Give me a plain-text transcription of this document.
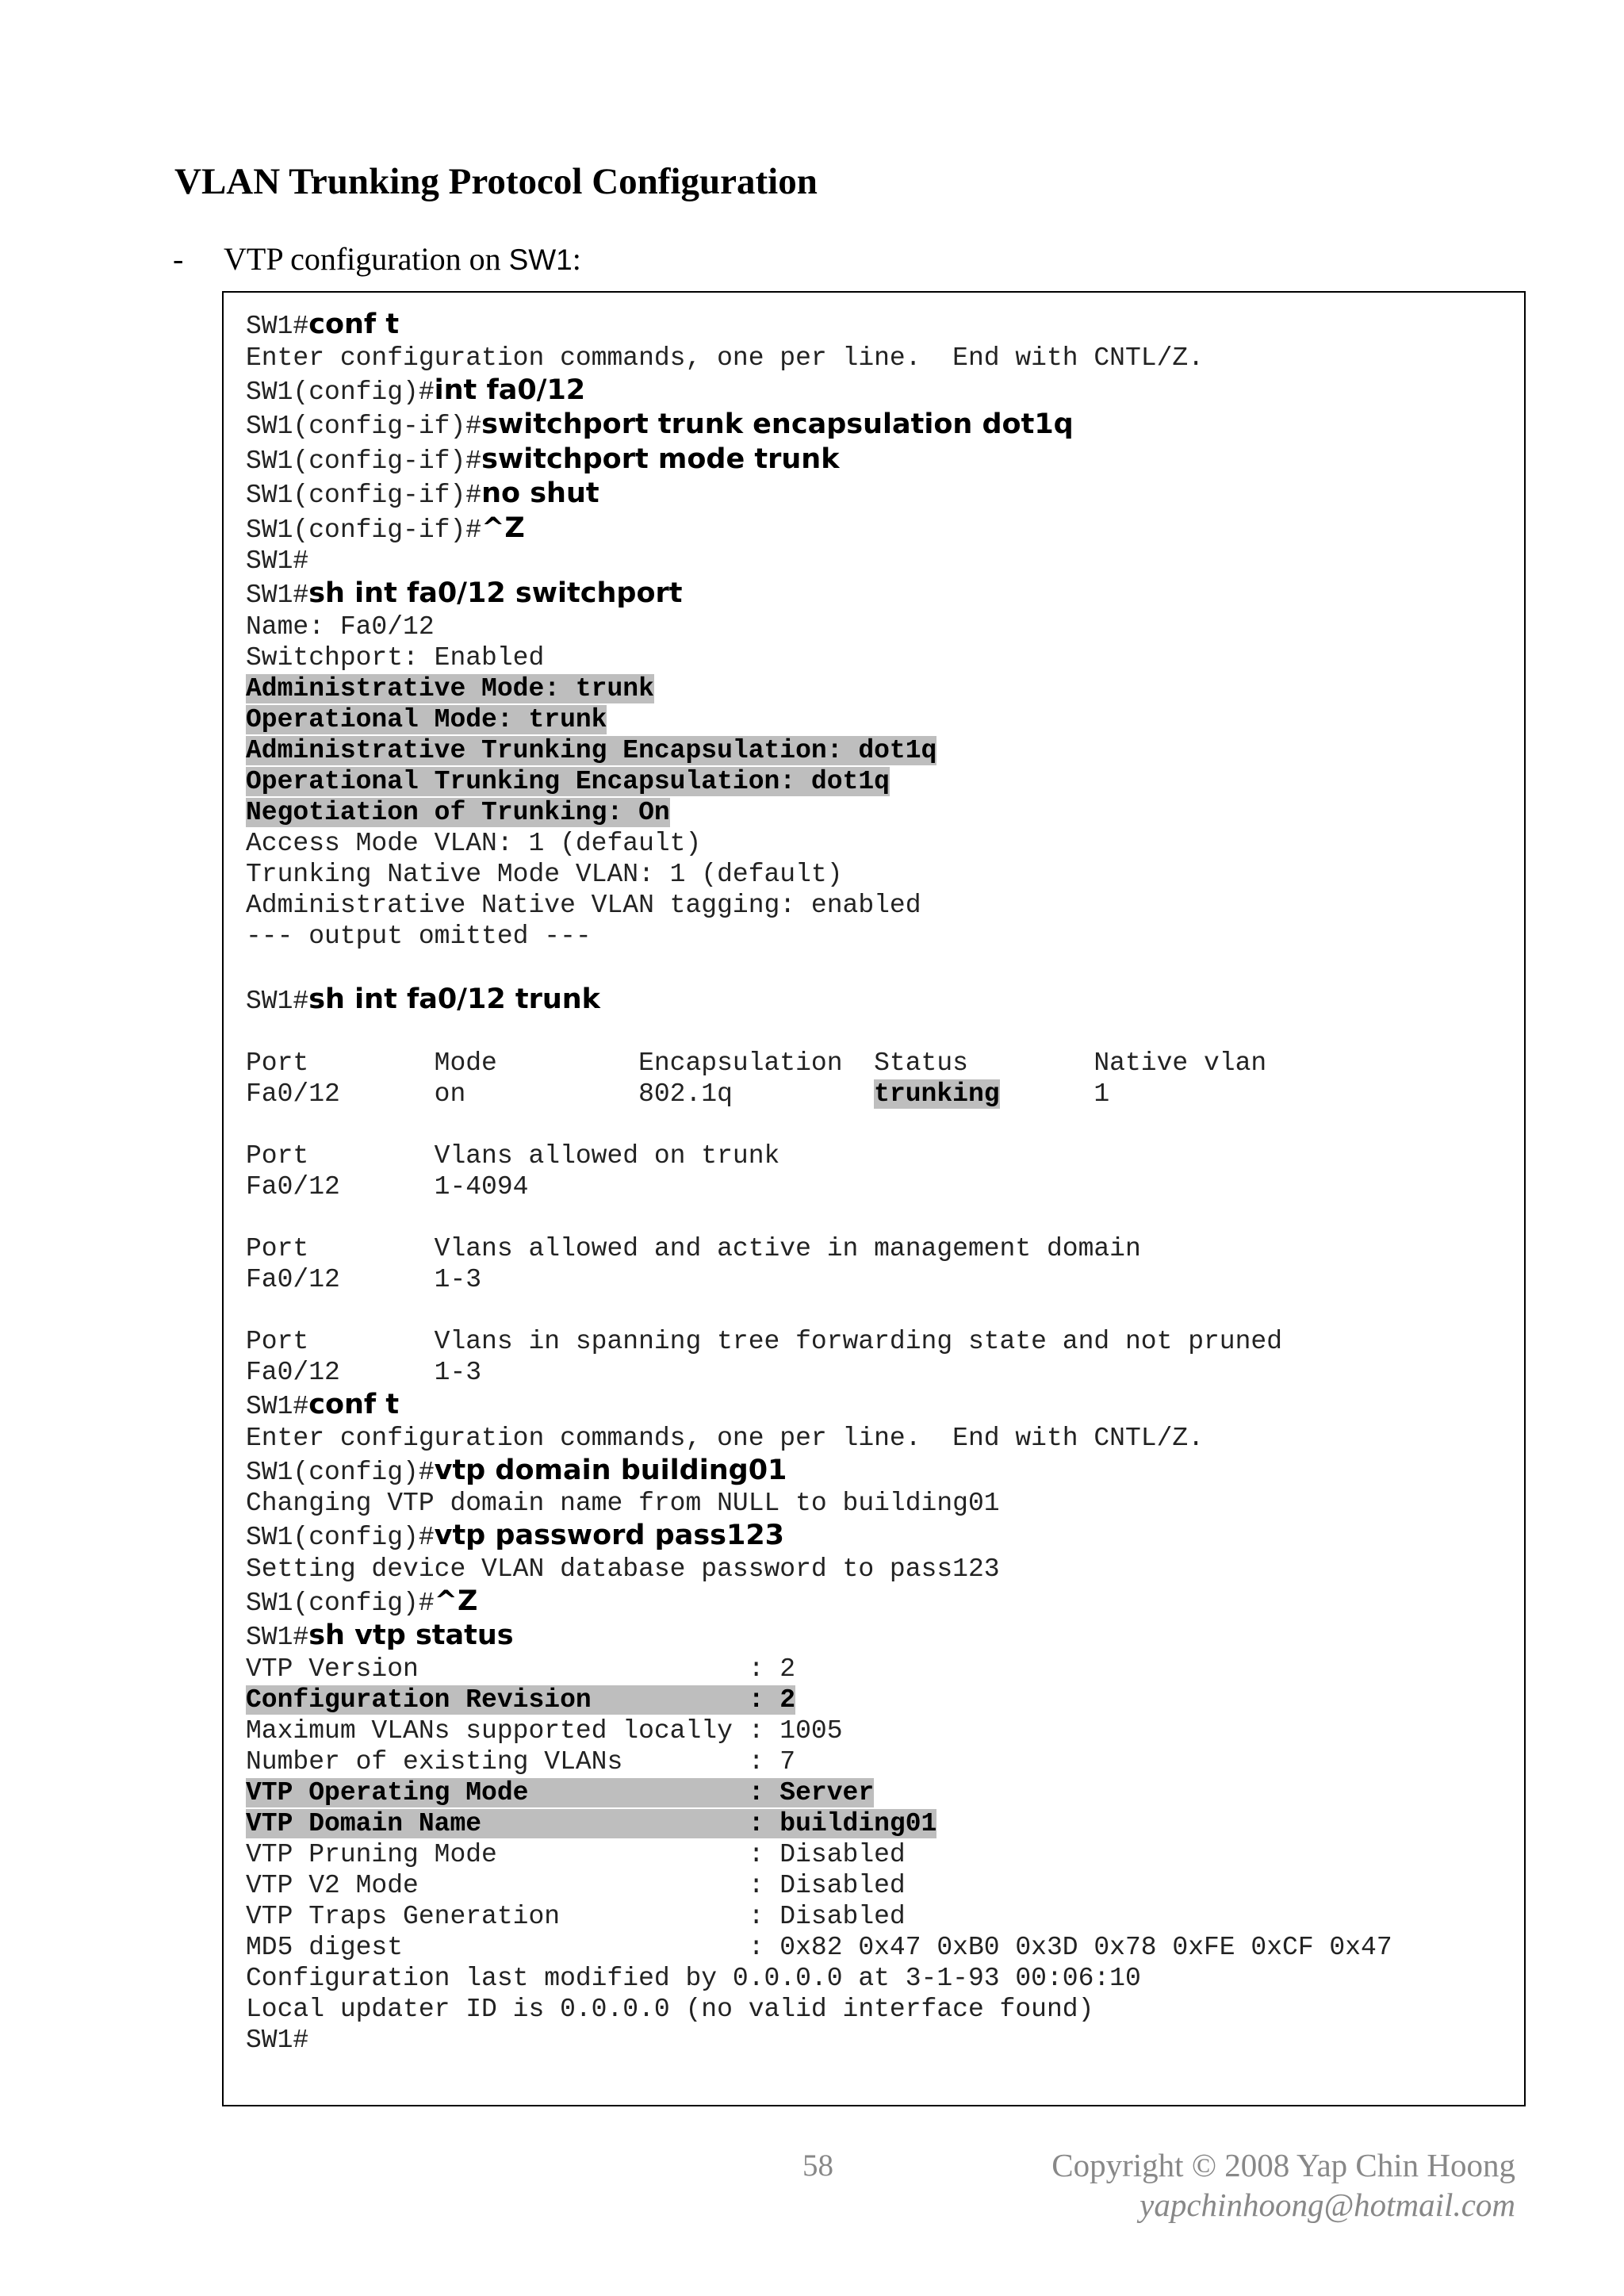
VLAN Trunking Protocol Configuration
- VTP configuration on SW1:
SW1#conf t
Enter configuration commands, one per line.  End with CNTL/Z.
SW1(config)#int fa0/12
SW1(config-if)#switchport trunk encapsulation dot1q
SW1(config-if)#switchport mode trunk
SW1(config-if)#no shut
SW1(config-if)#^Z
SW1#
SW1#sh int fa0/12 switchport
Name: Fa0/12
Switchport: Enabled
Administrative Mode: trunk
Operational Mode: trunk
Administrative Trunking Encapsulation: dot1q
Operational Trunking Encapsulation: dot1q
Negotiation of Trunking: On
Access Mode VLAN: 1 (default)
Trunking Native Mode VLAN: 1 (default)
Administrative Native VLAN tagging: enabled
--- output omitted ---
SW1#sh int fa0/12 trunk
Port        Mode         Encapsulation  Status        Native vlan
Fa0/12      on           802.1q         trunking      1
Port        Vlans allowed on trunk
Fa0/12      1-4094
Port        Vlans allowed and active in management domain
Fa0/12      1-3
Port        Vlans in spanning tree forwarding state and not pruned
Fa0/12      1-3
SW1#conf t
Enter configuration commands, one per line.  End with CNTL/Z.
SW1(config)#vtp domain building01
Changing VTP domain name from NULL to building01
SW1(config)#vtp password pass123
Setting device VLAN database password to pass123
SW1(config)#^Z
SW1#sh vtp status
VTP Version                     : 2
Configuration Revision          : 2
Maximum VLANs supported locally : 1005
Number of existing VLANs        : 7
VTP Operating Mode              : Server
VTP Domain Name                 : building01
VTP Pruning Mode                : Disabled
VTP V2 Mode                     : Disabled
VTP Traps Generation            : Disabled
MD5 digest                      : 0x82 0x47 0xB0 0x3D 0x78 0xFE 0xCF 0x47
Configuration last modified by 0.0.0.0 at 3-1-93 00:06:10
Local updater ID is 0.0.0.0 (no valid interface found)
SW1#
58	Copyright © 2008 Yap Chin Hoong
yapchinhoong@hotmail.com
